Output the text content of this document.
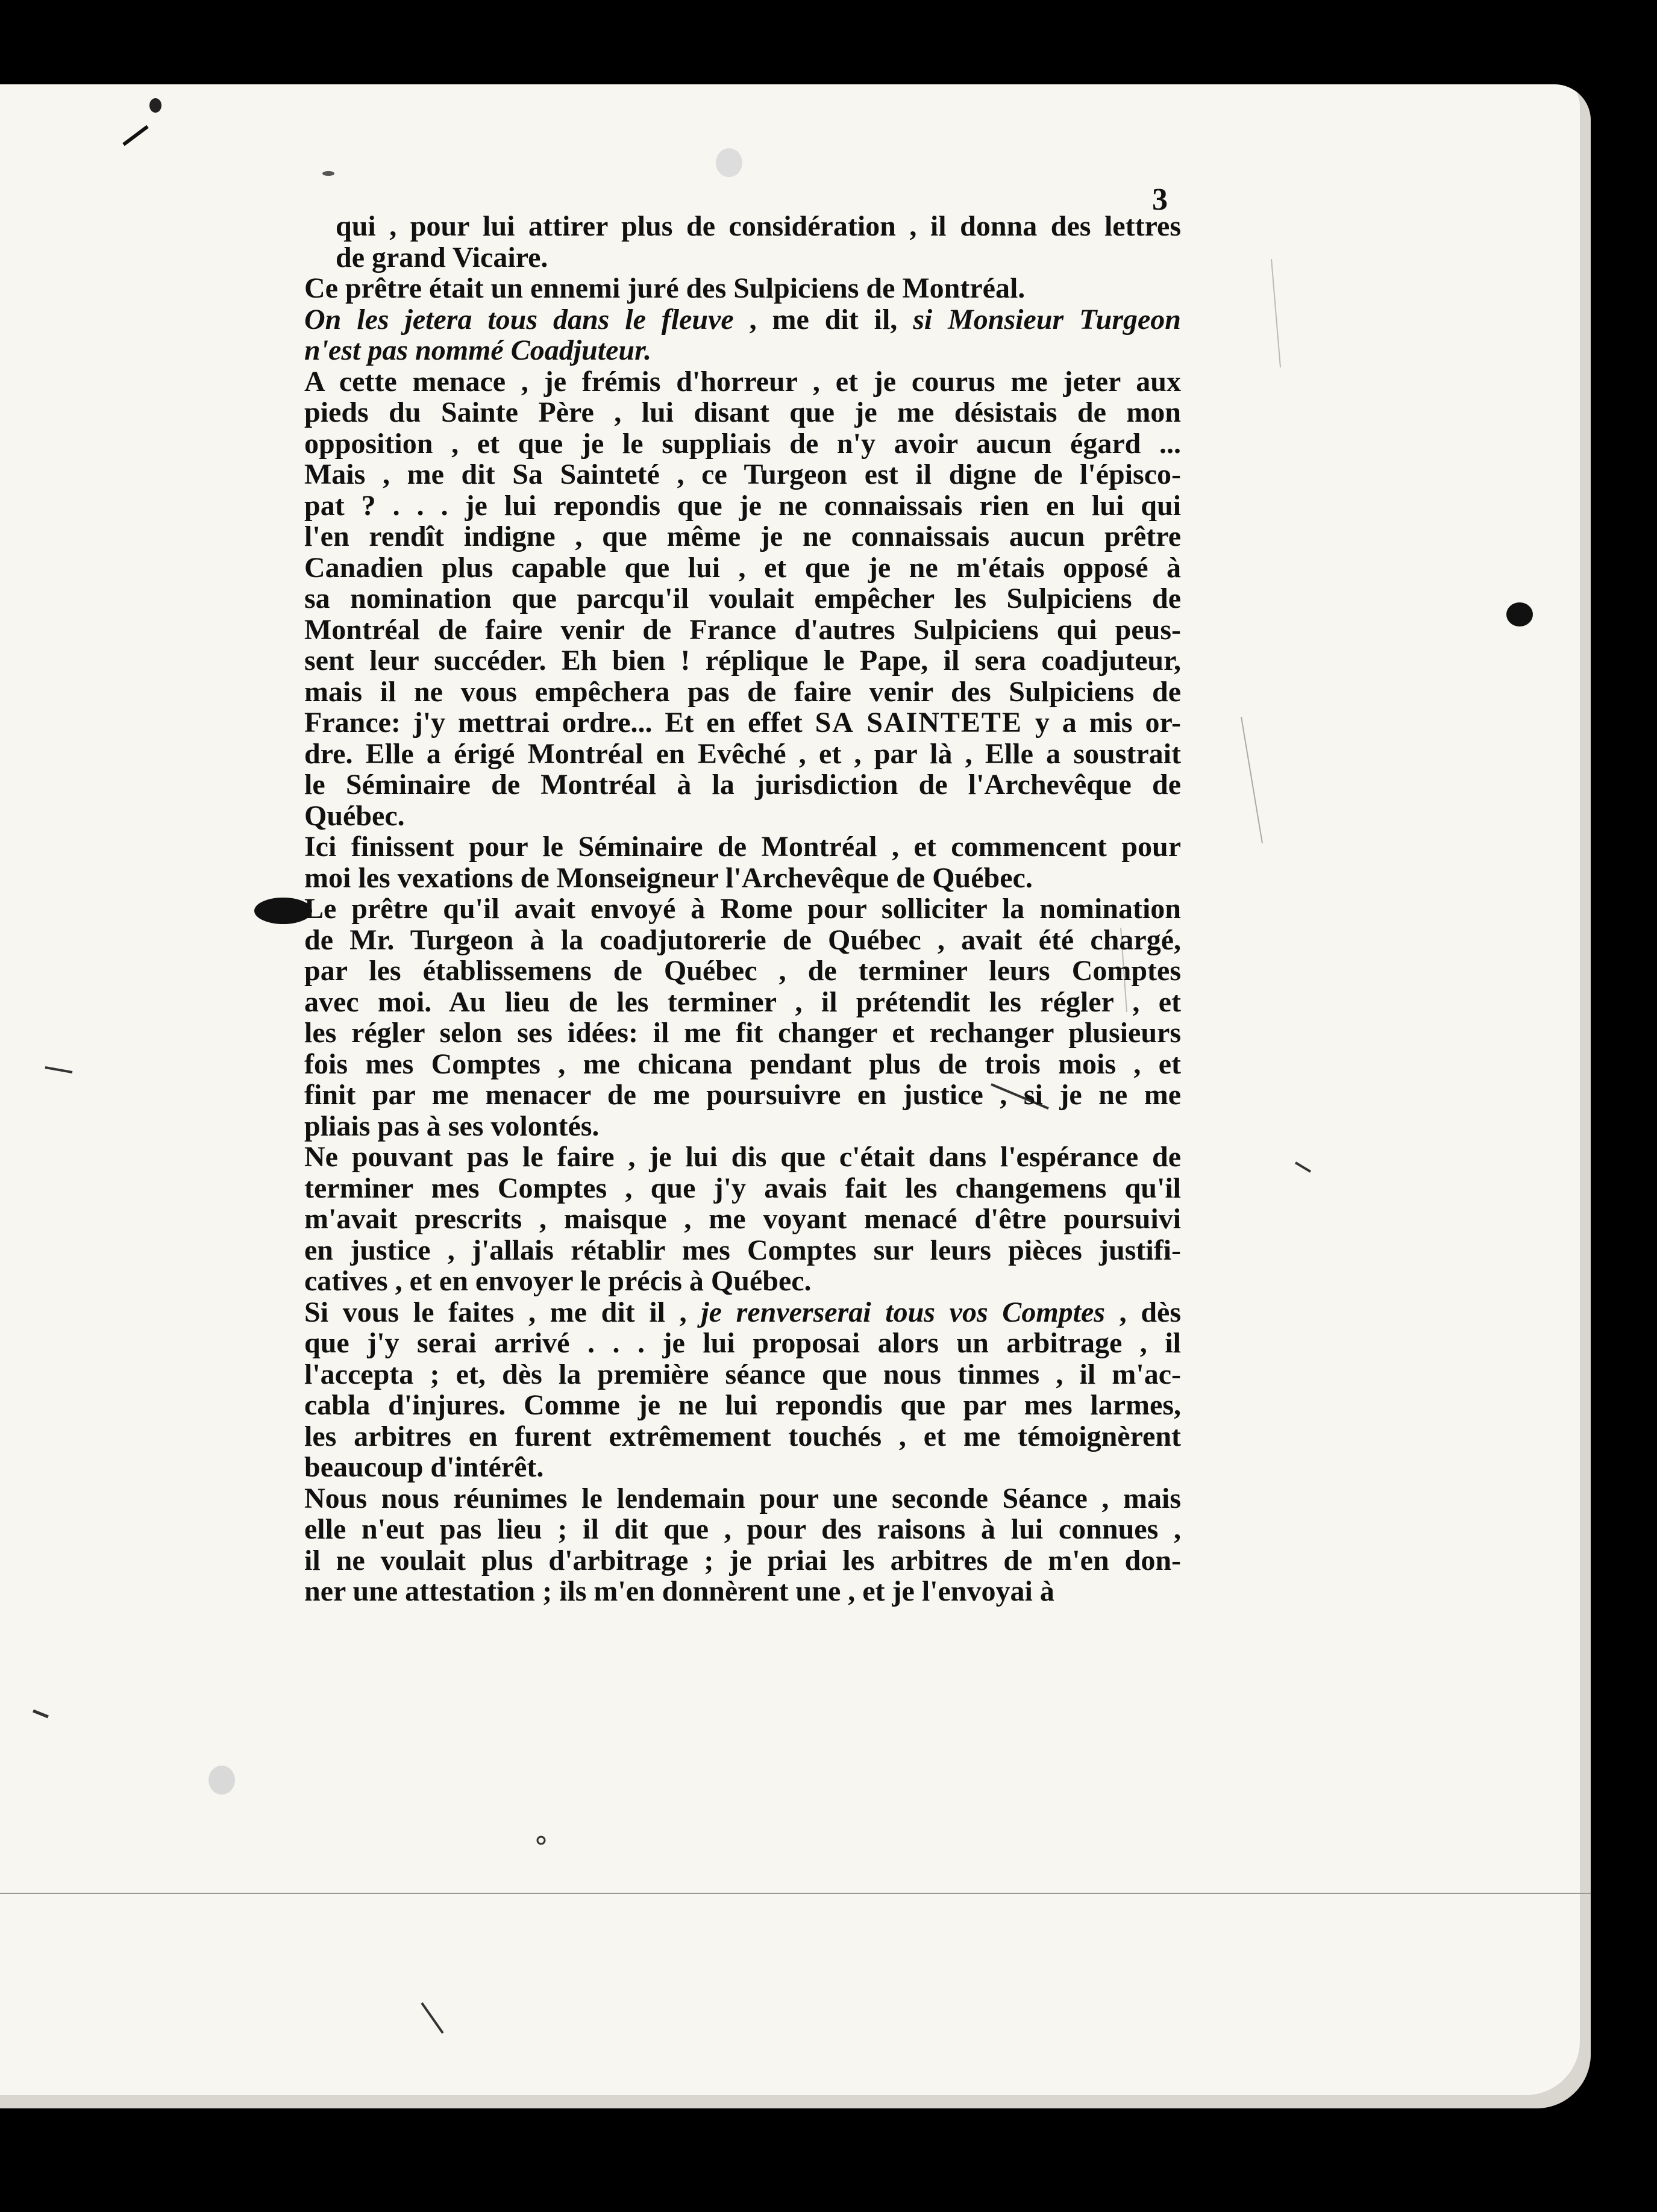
3

qui , pour lui attirer plus de considération , il donna des lettres
de grand Vicaire.
Ce prêtre était un ennemi juré des Sulpiciens de Montréal.
On les jetera tous dans le fleuve , me dit il, si Monsieur Turgeon
n'est pas nommé Coadjuteur.
A cette menace , je frémis d'horreur , et je courus me jeter aux
pieds du Sainte Père , lui disant que je me désistais de mon
opposition , et que je le suppliais de n'y avoir aucun égard ...
Mais , me dit Sa Sainteté , ce Turgeon est il digne de l'épisco-
pat ? . . . je lui repondis que je ne connaissais rien en lui qui
l'en rendît indigne , que même je ne connaissais aucun prêtre
Canadien plus capable que lui , et que je ne m'étais opposé à
sa nomination que parcqu'il voulait empêcher les Sulpiciens de
Montréal de faire venir de France d'autres Sulpiciens qui peus-
sent leur succéder. Eh bien ! réplique le Pape, il sera coadjuteur,
mais il ne vous empêchera pas de faire venir des Sulpiciens de
France: j'y mettrai ordre... Et en effet SA SAINTETE y a mis or-
dre. Elle a érigé Montréal en Evêché , et , par là , Elle a soustrait
le Séminaire de Montréal à la jurisdiction de l'Archevêque de
Québec.
Ici finissent pour le Séminaire de Montréal , et commencent pour
moi les vexations de Monseigneur l'Archevêque de Québec.
Le prêtre qu'il avait envoyé à Rome pour solliciter la nomination
de Mr. Turgeon à la coadjutorerie de Québec , avait été chargé,
par les établissemens de Québec , de terminer leurs Comptes
avec moi. Au lieu de les terminer , il prétendit les régler , et
les régler selon ses idées: il me fit changer et rechanger plusieurs
fois mes Comptes , me chicana pendant plus de trois mois , et
finit par me menacer de me poursuivre en justice , si je ne me
pliais pas à ses volontés.
Ne pouvant pas le faire , je lui dis que c'était dans l'espérance de
terminer mes Comptes , que j'y avais fait les changemens qu'il
m'avait prescrits , maisque , me voyant menacé d'être poursuivi
en justice , j'allais rétablir mes Comptes sur leurs pièces justifi-
catives , et en envoyer le précis à Québec.
Si vous le faites , me dit il , je renverserai tous vos Comptes , dès
que j'y serai arrivé . . . je lui proposai alors un arbitrage , il
l'accepta ; et, dès la première séance que nous tinmes , il m'ac-
cabla d'injures. Comme je ne lui repondis que par mes larmes,
les arbitres en furent extrêmement touchés , et me témoignèrent
beaucoup d'intérêt.
Nous nous réunimes le lendemain pour une seconde Séance , mais
elle n'eut pas lieu ; il dit que , pour des raisons à lui connues ,
il ne voulait plus d'arbitrage ; je priai les arbitres de m'en don-
ner une attestation ; ils m'en donnèrent une , et je l'envoyai à
